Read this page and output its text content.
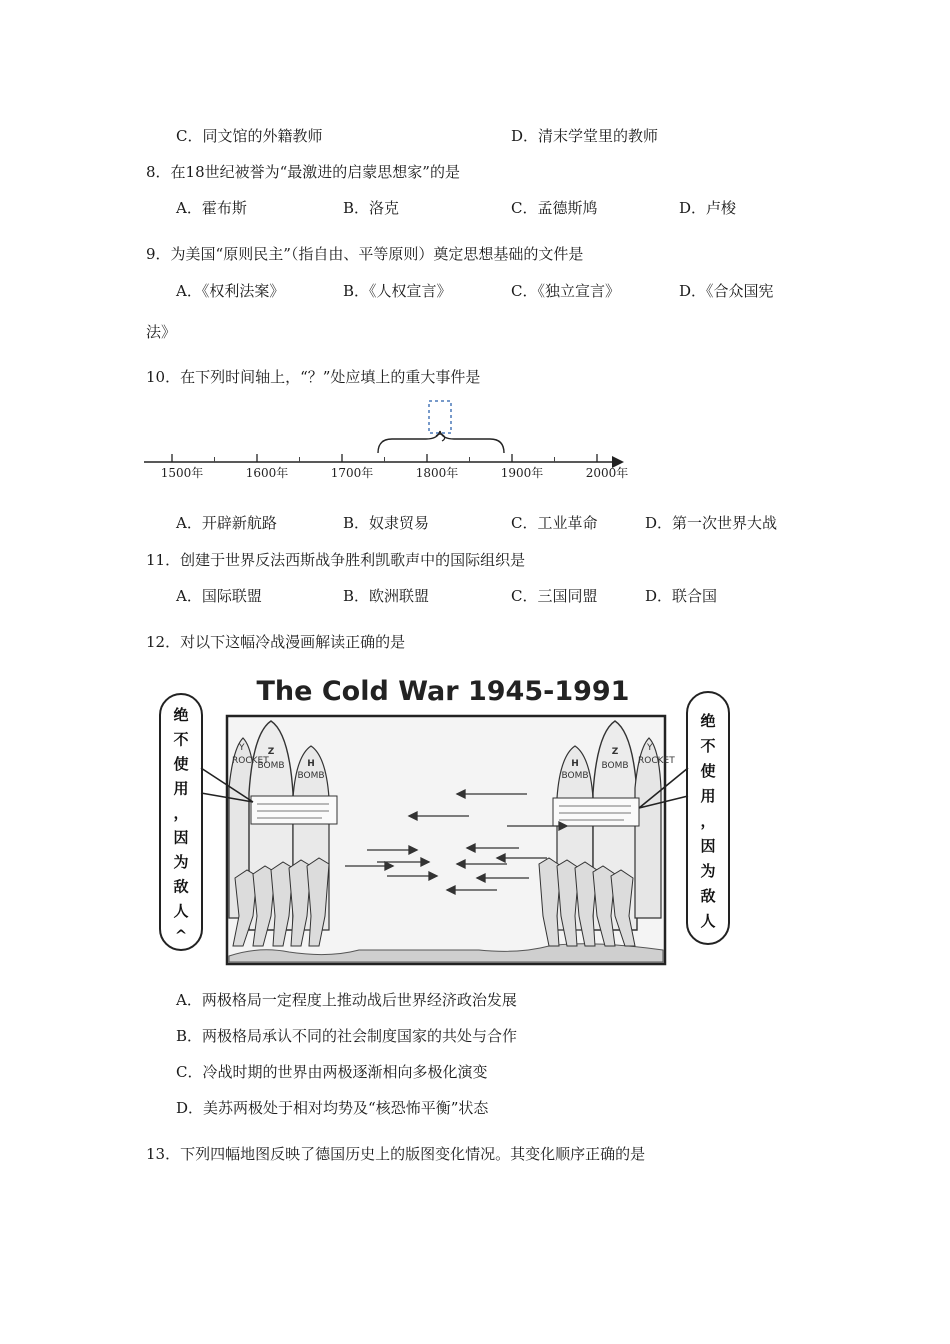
C．同文馆的外籍教师	D．清末学堂里的教师
8．在18世纪被誉为“最激进的启蒙思想家”的是
A．霍布斯	B．洛克	C．孟德斯鸠	D．卢梭
9．为美国“原则民主”（指自由、平等原则）奠定思想基础的文件是
A．《权利法案》	B．《人权宣言》	C．《独立宣言》	D．《合众国宪
法》
10．在下列时间轴上，“？”处应填上的重大事件是
1500年	1600年	1700年	1800年	1900年	2000年
A．开辟新航路	B．奴隶贸易	C．工业革命	D．第一次世界大战
11．创建于世界反法西斯战争胜利凯歌声中的国际组织是
A．国际联盟	B．欧洲联盟	C．三国同盟	D．联合国
12．对以下这幅冷战漫画解读正确的是
The Cold War 1945-1991
Y
ROCKET
Z
BOMB	H
BOMB
H
BOMB
Z
BOMB
Y
ROCKET
绝
不
使
用
，
因
为
敌
人
^
绝
不
使
用
，
因
为
敌
人
A．两极格局一定程度上推动战后世界经济政治发展
B．两极格局承认不同的社会制度国家的共处与合作
C．冷战时期的世界由两极逐渐相向多极化演变
D．美苏两极处于相对均势及“核恐怖平衡”状态
13．下列四幅地图反映了德国历史上的版图变化情况。其变化顺序正确的是
